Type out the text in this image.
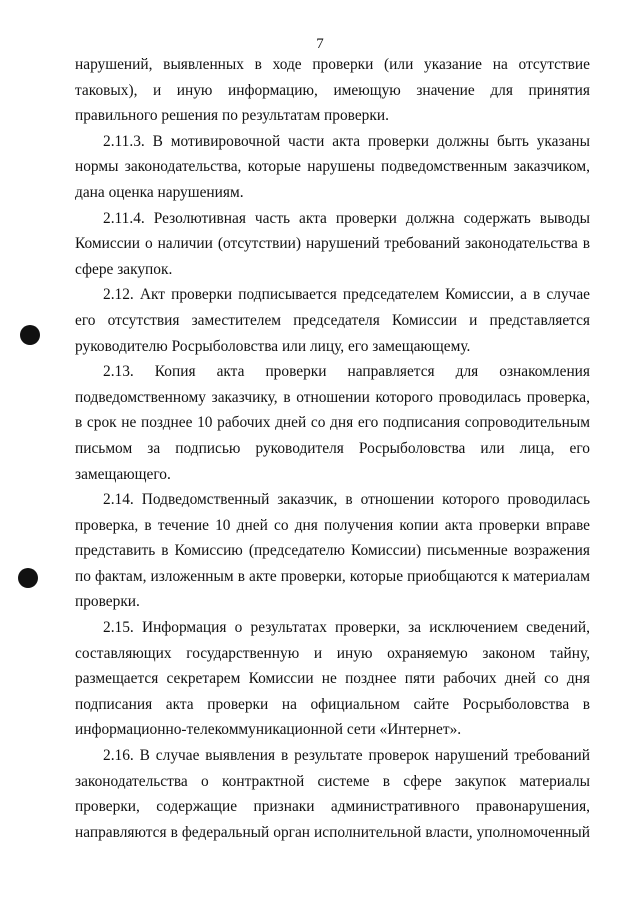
7

нарушений, выявленных в ходе проверки (или указание на отсутствие таковых), и иную информацию, имеющую значение для принятия правильного решения по результатам проверки.

2.11.3. В мотивировочной части акта проверки должны быть указаны нормы законодательства, которые нарушены подведомственным заказчиком, дана оценка нарушениям.

2.11.4. Резолютивная часть акта проверки должна содержать выводы Комиссии о наличии (отсутствии) нарушений требований законодательства в сфере закупок.

2.12. Акт проверки подписывается председателем Комиссии, а в случае его отсутствия заместителем председателя Комиссии и представляется руководителю Росрыболовства или лицу, его замещающему.

2.13. Копия акта проверки направляется для ознакомления подведомственному заказчику, в отношении которого проводилась проверка, в срок не позднее 10 рабочих дней со дня его подписания сопроводительным письмом за подписью руководителя Росрыболовства или лица, его замещающего.

2.14. Подведомственный заказчик, в отношении которого проводилась проверка, в течение 10 дней со дня получения копии акта проверки вправе представить в Комиссию (председателю Комиссии) письменные возражения по фактам, изложенным в акте проверки, которые приобщаются к материалам проверки.

2.15. Информация о результатах проверки, за исключением сведений, составляющих государственную и иную охраняемую законом тайну, размещается секретарем Комиссии не позднее пяти рабочих дней со дня подписания акта проверки на официальном сайте Росрыболовства в информационно-телекоммуникационной сети «Интернет».

2.16. В случае выявления в результате проверок нарушений требований законодательства о контрактной системе в сфере закупок материалы проверки, содержащие признаки административного правонарушения, направляются в федеральный орган исполнительной власти, уполномоченный
